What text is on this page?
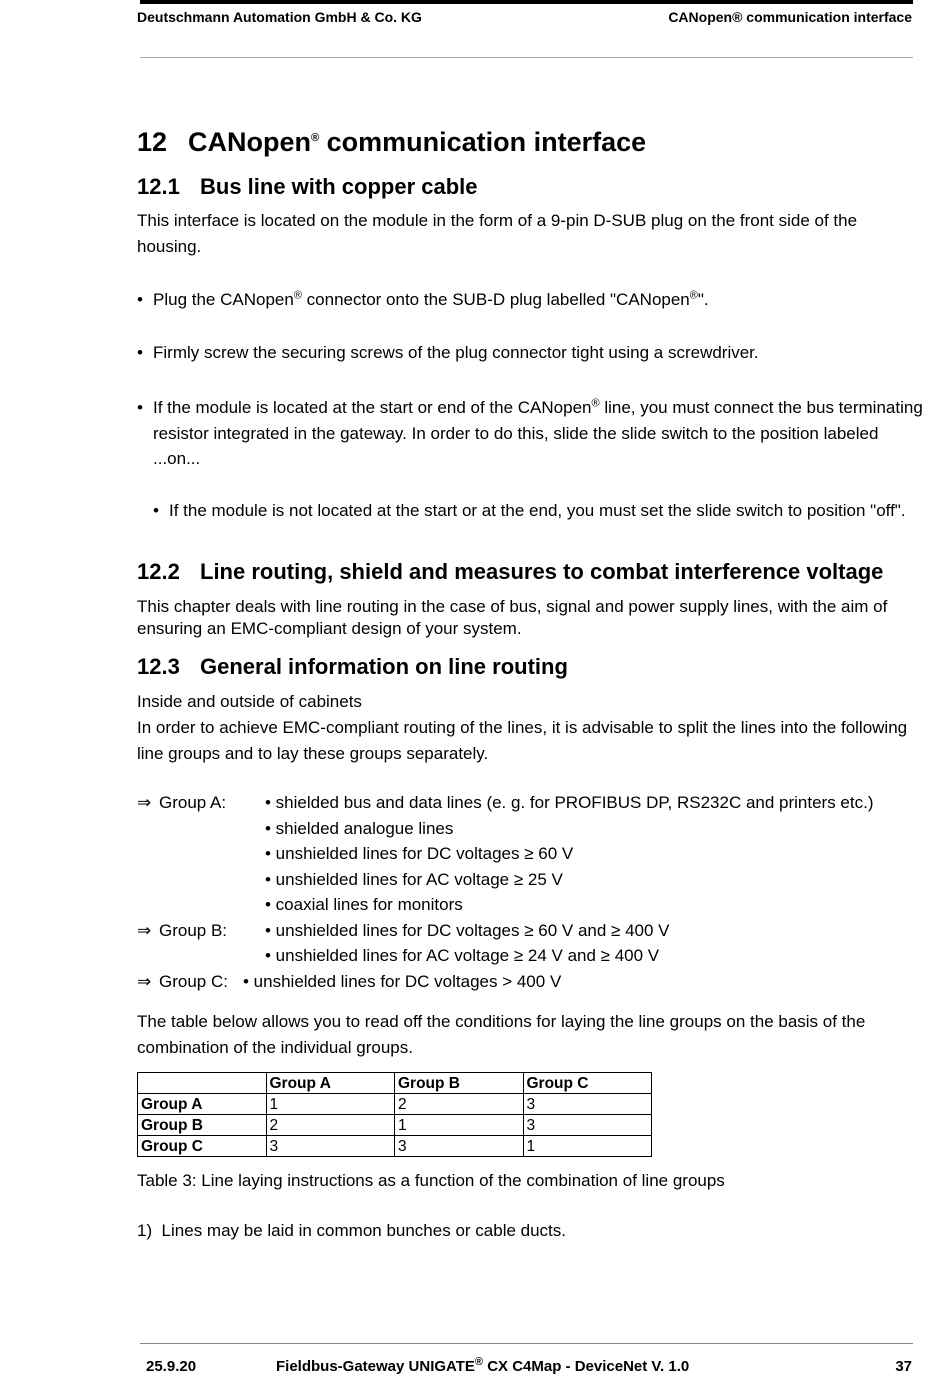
Deutschmann Automation GmbH & Co. KG	CANopen® communication interface
12 CANopen® communication interface
12.1 Bus line with copper cable
This interface is located on the module in the form of a 9-pin D-SUB plug on the front side of the housing.
• Plug the CANopen® connector onto the SUB-D plug labelled "CANopen®".
• Firmly screw the securing screws of the plug connector tight using a screwdriver.
• If the module is located at the start or end of the CANopen® line, you must connect the bus terminating resistor integrated in the gateway. In order to do this, slide the slide switch to the position labeled ...on...
• If the module is not located at the start or at the end, you must set the slide switch to position "off".
12.2 Line routing, shield and measures to combat interference voltage
This chapter deals with line routing in the case of bus, signal and power supply lines, with the aim of ensuring an EMC-compliant design of your system.
12.3 General information on line routing
Inside and outside of cabinets
In order to achieve EMC-compliant routing of the lines, it is advisable to split the lines into the following line groups and to lay these groups separately.
⇒ Group A: • shielded bus and data lines (e. g. for PROFIBUS DP, RS232C and printers etc.)
• shielded analogue lines
• unshielded lines for DC voltages ≥ 60 V
• unshielded lines for AC voltage ≥ 25 V
• coaxial lines for monitors
⇒ Group B: • unshielded lines for DC voltages ≥ 60 V and ≥ 400 V
• unshielded lines for AC voltage ≥ 24 V and ≥ 400 V
⇒ Group C: • unshielded lines for DC voltages > 400 V
The table below allows you to read off the conditions for laying the line groups on the basis of the combination of the individual groups.
	Group A	Group B	Group C
Group A	1	2	3
Group B	2	1	3
Group C	3	3	1
Table 3: Line laying instructions as a function of the combination of line groups
1)  Lines may be laid in common bunches or cable ducts.
25.9.20	Fieldbus-Gateway UNIGATE® CX C4Map - DeviceNet V. 1.0	37
